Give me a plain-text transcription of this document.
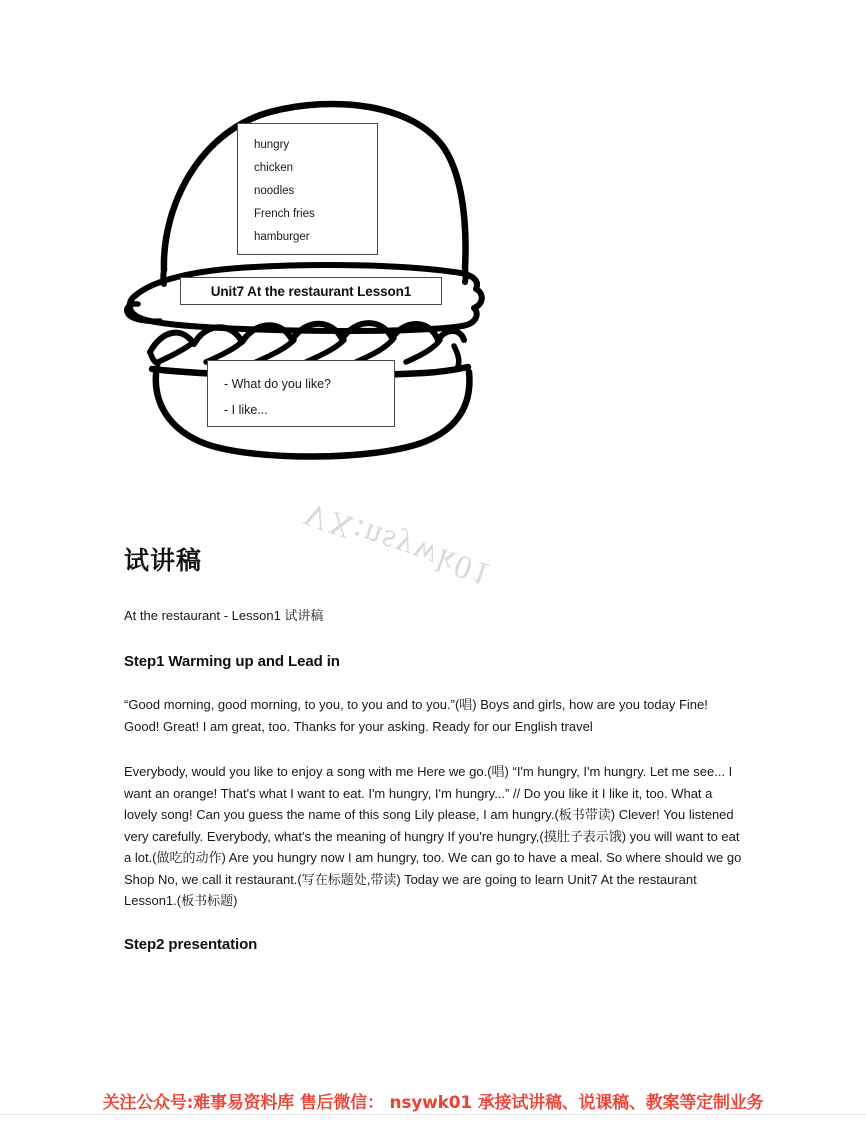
hungry
chicken
noodles
French fries
hamburger
Unit7 At the restaurant Lesson1
- What do you like?
- I like...
VX:nsywk01
试讲稿

At the restaurant - Lesson1 试讲稿

Step1 Warming up and Lead in

“Good morning, good morning, to you, to you and to you.”(唱) Boys and girls, how are you today Fine! Good! Great! I am great, too. Thanks for your asking. Ready for our English travel

Everybody, would you like to enjoy a song with me Here we go.(唱) “I'm hungry, I'm hungry. Let me see... I want an orange! That's what I want to eat. I'm hungry, I'm hungry...” // Do you like it I like it, too. What a lovely song! Can you guess the name of this song Lily please, I am hungry.(板书带读) Clever! You listened very carefully. Everybody, what's the meaning of hungry If you're hungry,(摸肚子表示饿) you will want to eat a lot.(做吃的动作) Are you hungry now I am hungry, too. We can go to have a meal. So where should we go Shop No, we call it restaurant.(写在标题处,带读) Today we are going to learn Unit7 At the restaurant Lesson1.(板书标题)

Step2 presentation
关注公众号:难事易资料库 售后微信： nsywk01 承接试讲稿、说课稿、教案等定制业务
